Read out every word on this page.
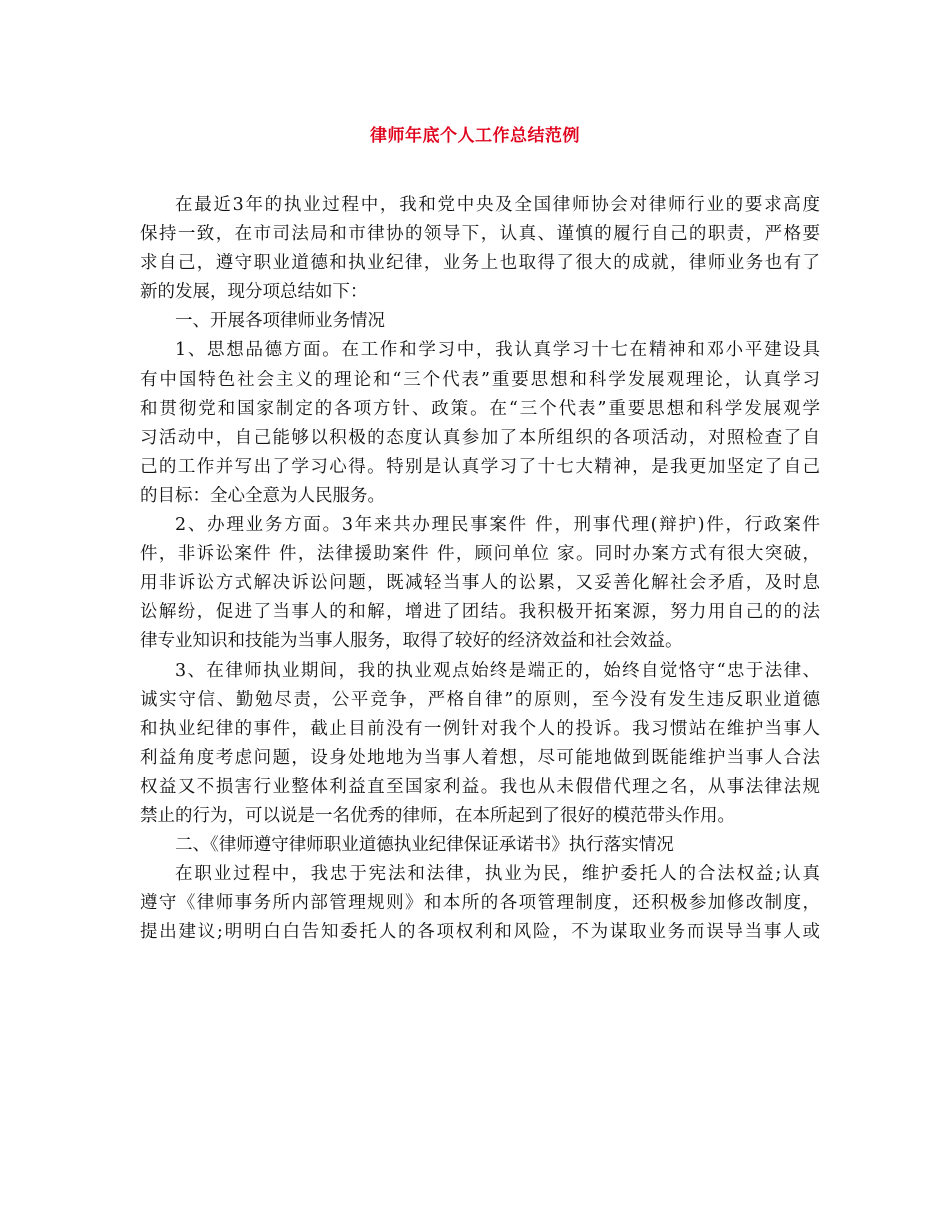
律师年底个人工作总结范例
在最近3年的执业过程中，我和党中央及全国律师协会对律师行业的要求高度
保持一致，在市司法局和市律协的领导下，认真、谨慎的履行自己的职责，严格要
求自己，遵守职业道德和执业纪律，业务上也取得了很大的成就，律师业务也有了
新的发展，现分项总结如下：
一、开展各项律师业务情况
1、思想品德方面。在工作和学习中，我认真学习十七在精神和邓小平建设具
有中国特色社会主义的理论和“三个代表”重要思想和科学发展观理论，认真学习
和贯彻党和国家制定的各项方针、政策。在“三个代表”重要思想和科学发展观学
习活动中，自己能够以积极的态度认真参加了本所组织的各项活动，对照检查了自
己的工作并写出了学习心得。特别是认真学习了十七大精神，是我更加坚定了自己
的目标：全心全意为人民服务。
2、办理业务方面。3年来共办理民事案件 件，刑事代理(辩护)件，行政案件
件，非诉讼案件 件，法律援助案件 件，顾问单位 家。同时办案方式有很大突破，
用非诉讼方式解决诉讼问题，既减轻当事人的讼累，又妥善化解社会矛盾，及时息
讼解纷，促进了当事人的和解，增进了团结。我积极开拓案源，努力用自己的的法
律专业知识和技能为当事人服务，取得了较好的经济效益和社会效益。
3、在律师执业期间，我的执业观点始终是端正的，始终自觉恪守“忠于法律、
诚实守信、勤勉尽责，公平竞争，严格自律”的原则，至今没有发生违反职业道德
和执业纪律的事件，截止目前没有一例针对我个人的投诉。我习惯站在维护当事人
利益角度考虑问题，设身处地地为当事人着想，尽可能地做到既能维护当事人合法
权益又不损害行业整体利益直至国家利益。我也从未假借代理之名，从事法律法规
禁止的行为，可以说是一名优秀的律师，在本所起到了很好的模范带头作用。
二、《律师遵守律师职业道德执业纪律保证承诺书》执行落实情况
在职业过程中，我忠于宪法和法律，执业为民，维护委托人的合法权益;认真
遵守《律师事务所内部管理规则》和本所的各项管理制度，还积极参加修改制度，
提出建议;明明白白告知委托人的各项权利和风险，不为谋取业务而误导当事人或
